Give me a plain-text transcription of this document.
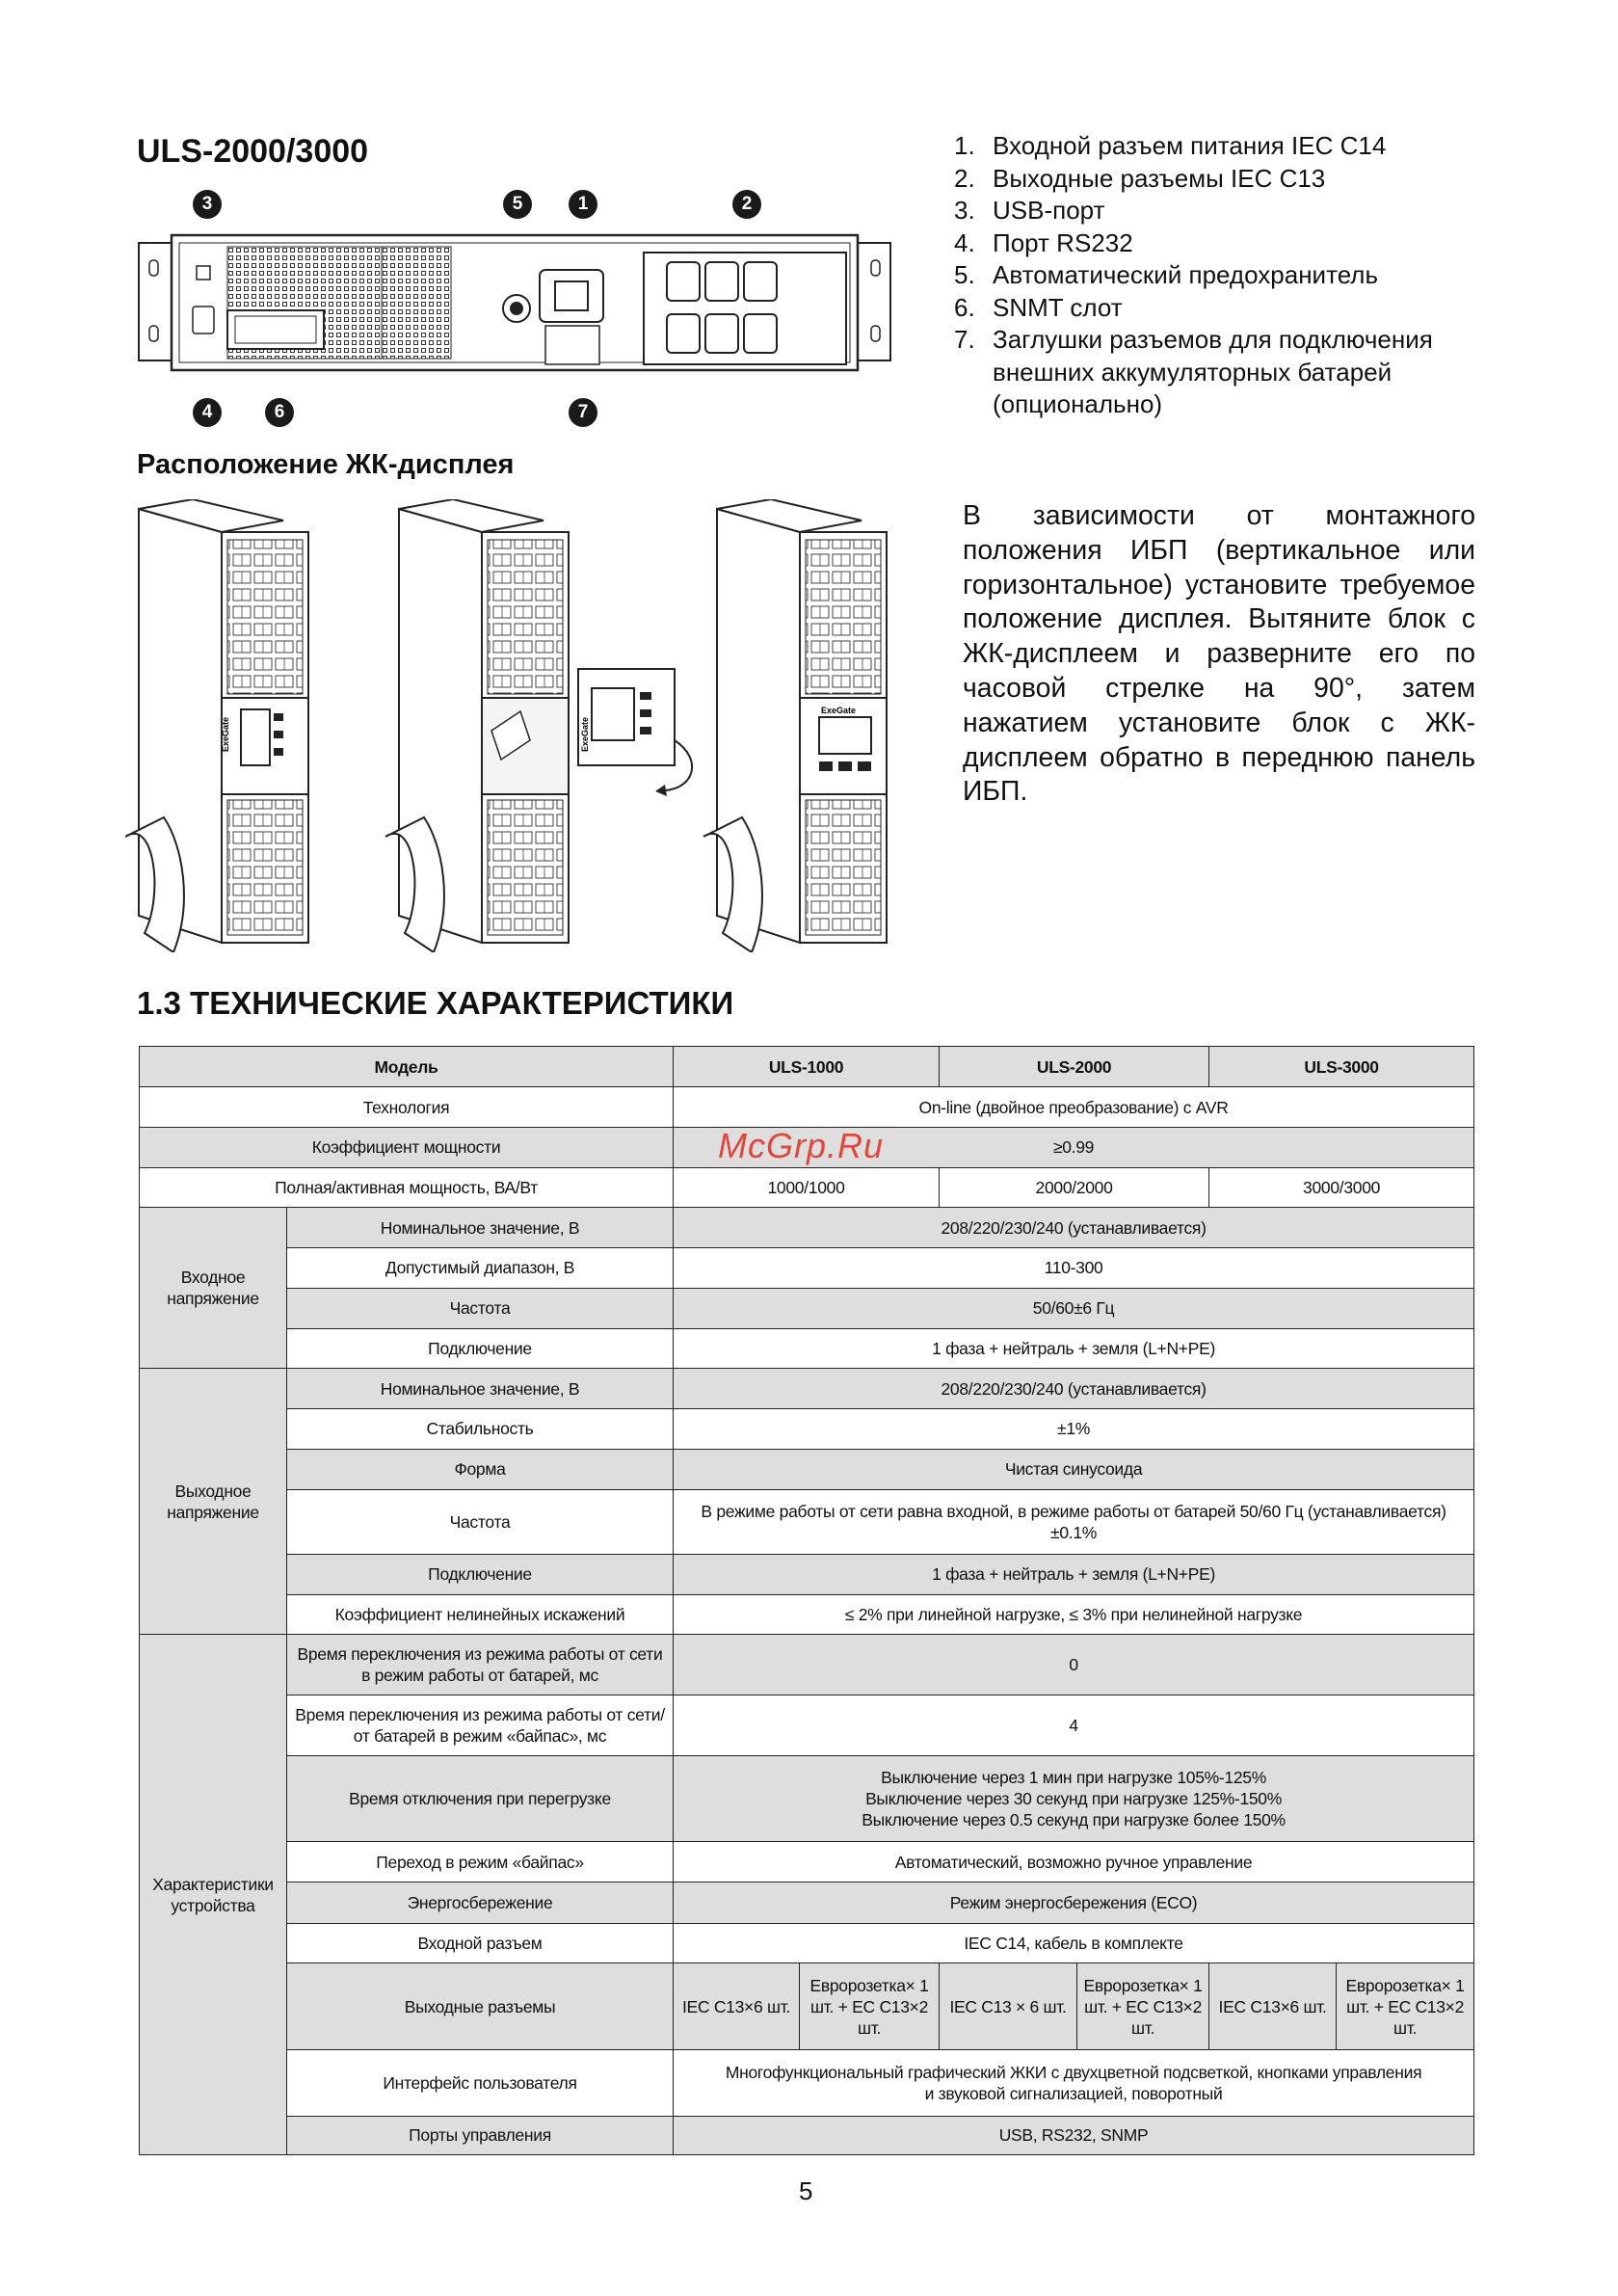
ULS-2000/3000
3	5	1	2
4	6	7
1. Входной разъем питания IEC C14
2. Выходные разъемы IEC C13
3. USB-порт
4. Порт RS232
5. Автоматический предохранитель
6. SNMT слот
7. Заглушки разъемов для подключения внешних аккумуляторных батарей (опционально)
Расположение ЖК-дисплея
ExeGate	ExeGate
ExeGate
В зависимости от монтажного положения ИБП (вертикальное или горизонтальное) установите требуемое положение дисплея. Вытяните блок с ЖК-дисплеем и разверните его по часовой стрелке на 90°, затем нажатием установите блок с ЖК-дисплеем обратно в переднюю панель ИБП.
1.3 ТЕХНИЧЕСКИЕ ХАРАКТЕРИСТИКИ
Модель		ULS-1000		ULS-2000		ULS-3000	
Технология		On-line (двойное преобразование) с AVR					
Коэффициент мощности		≥0.99					
Полная/активная мощность, ВА/Вт		1000/1000		2000/2000		3000/3000	
Входное напряжение	Номинальное значение, В	208/220/230/240 (устанавливается)					
	Допустимый диапазон, В	110-300					
	Частота	50/60±6 Гц					
	Подключение	1 фаза + нейтраль + земля (L+N+PE)					
Выходное напряжение	Номинальное значение, В	208/220/230/240 (устанавливается)					
	Стабильность	±1%					
	Форма	Чистая синусоида					
	Частота	В режиме работы от сети равна входной, в режиме работы от батарей 50/60 Гц (устанавливается) ±0.1%					
	Подключение	1 фаза + нейтраль + земля (L+N+PE)					
	Коэффициент нелинейных искажений	≤ 2% при линейной нагрузке, ≤ 3% при нелинейной нагрузке					
Характеристики устройства	Время переключения из режима работы от сети в режим работы от батарей, мс	0					
	Время переключения из режима работы от сети/от батарей в режим «байпас», мс	4					
	Время отключения при перегрузке	Выключение через 1 мин при нагрузке 105%-125%
Выключение через 30 секунд при нагрузке 125%-150%
Выключение через 0.5 секунд при нагрузке более 150%					

	Переход в режим «байпас»	Автоматический, возможно ручное управление					
	Энергосбережение	Режим энергосбережения (ECO)					
	Входной разъем	IEC C14, кабель в комплекте					
	Выходные разъемы	IEC C13×6 шт.	Евророзетка× 1 шт. + EC C13×2 шт.	IEC C13 × 6 шт.	Евророзетка× 1 шт. + EC C13×2 шт.	IEC C13×6 шт.	Евророзетка× 1 шт. + EC C13×2 шт.
	Интерфейс пользователя	Многофункциональный графический ЖКИ с двухцветной подсветкой, кнопками управления
и звуковой сигнализацией, поворотный					

	Порты управления	USB, RS232, SNMP					
McGrp.Ru
5
